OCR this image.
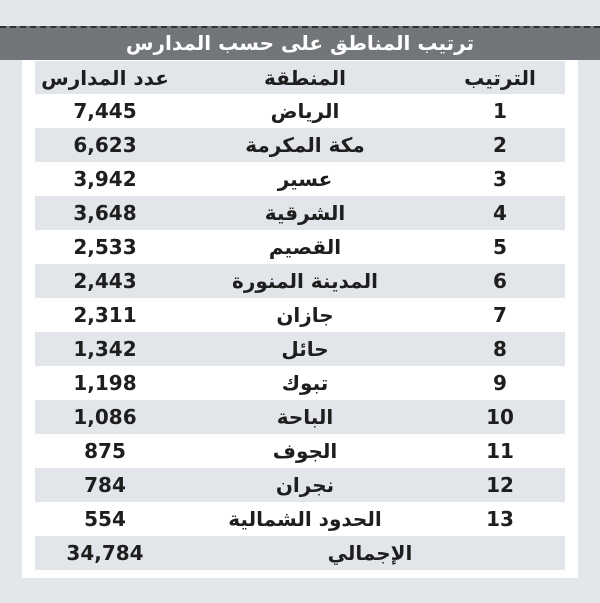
ترتيب المناطق على حسب المدارس
الترتيب
المنطقة
عدد المدارس
1
الرياض
7,445
2
مكة المكرمة
6,623
3
عسير
3,942
4
الشرقية
3,648
5
القصيم
2,533
6
المدينة المنورة
2,443
7
جازان
2,311
8
حائل
1,342
9
تبوك
1,198
10
الباحة
1,086
11
الجوف
875
12
نجران
784
13
الحدود الشمالية
554
الإجمالي
34,784
